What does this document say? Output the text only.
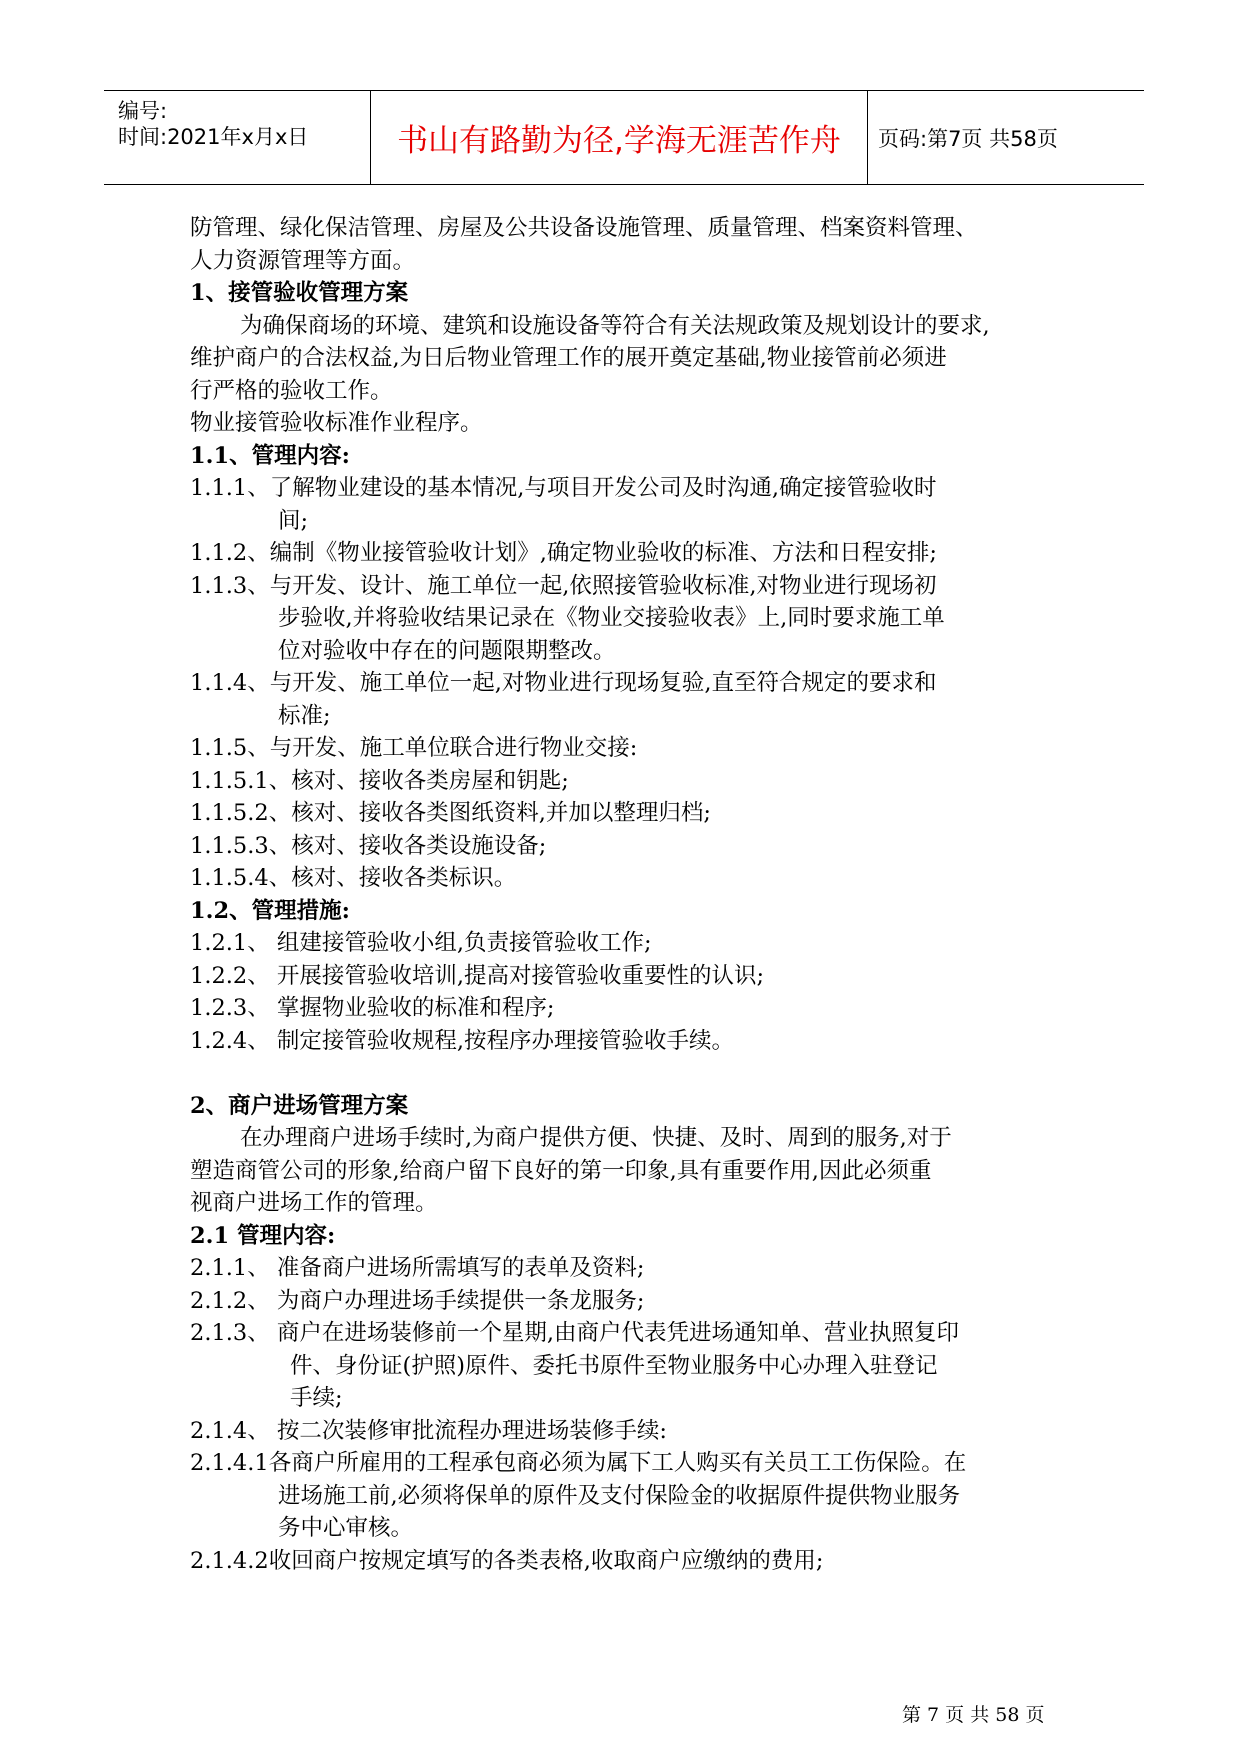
编号:
时间:2021年x月x日	书山有路勤为径,学海无涯苦作舟	页码:第7页 共58页
防管理、绿化保洁管理、房屋及公共设备设施管理、质量管理、档案资料管理、
人力资源管理等方面。
1、接管验收管理方案
为确保商场的环境、建筑和设施设备等符合有关法规政策及规划设计的要求,
维护商户的合法权益,为日后物业管理工作的展开奠定基础,物业接管前必须进
行严格的验收工作。
物业接管验收标准作业程序。
1.1、管理内容:
1.1.1、了解物业建设的基本情况,与项目开发公司及时沟通,确定接管验收时
间;
1.1.2、编制《物业接管验收计划》,确定物业验收的标准、方法和日程安排;
1.1.3、与开发、设计、施工单位一起,依照接管验收标准,对物业进行现场初
步验收,并将验收结果记录在《物业交接验收表》上,同时要求施工单
位对验收中存在的问题限期整改。
1.1.4、与开发、施工单位一起,对物业进行现场复验,直至符合规定的要求和
标准;
1.1.5、与开发、施工单位联合进行物业交接:
1.1.5.1、核对、接收各类房屋和钥匙;
1.1.5.2、核对、接收各类图纸资料,并加以整理归档;
1.1.5.3、核对、接收各类设施设备;
1.1.5.4、核对、接收各类标识。
1.2、管理措施:
1.2.1、 组建接管验收小组,负责接管验收工作;
1.2.2、 开展接管验收培训,提高对接管验收重要性的认识;
1.2.3、 掌握物业验收的标准和程序;
1.2.4、 制定接管验收规程,按程序办理接管验收手续。
2、商户进场管理方案
在办理商户进场手续时,为商户提供方便、快捷、及时、周到的服务,对于
塑造商管公司的形象,给商户留下良好的第一印象,具有重要作用,因此必须重
视商户进场工作的管理。
2.1 管理内容:
2.1.1、 准备商户进场所需填写的表单及资料;
2.1.2、 为商户办理进场手续提供一条龙服务;
2.1.3、 商户在进场装修前一个星期,由商户代表凭进场通知单、营业执照复印
件、身份证(护照)原件、委托书原件至物业服务中心办理入驻登记
手续;
2.1.4、 按二次装修审批流程办理进场装修手续:
2.1.4.1各商户所雇用的工程承包商必须为属下工人购买有关员工工伤保险。在
进场施工前,必须将保单的原件及支付保险金的收据原件提供物业服务
务中心审核。
2.1.4.2收回商户按规定填写的各类表格,收取商户应缴纳的费用;
第 7 页 共 58 页
